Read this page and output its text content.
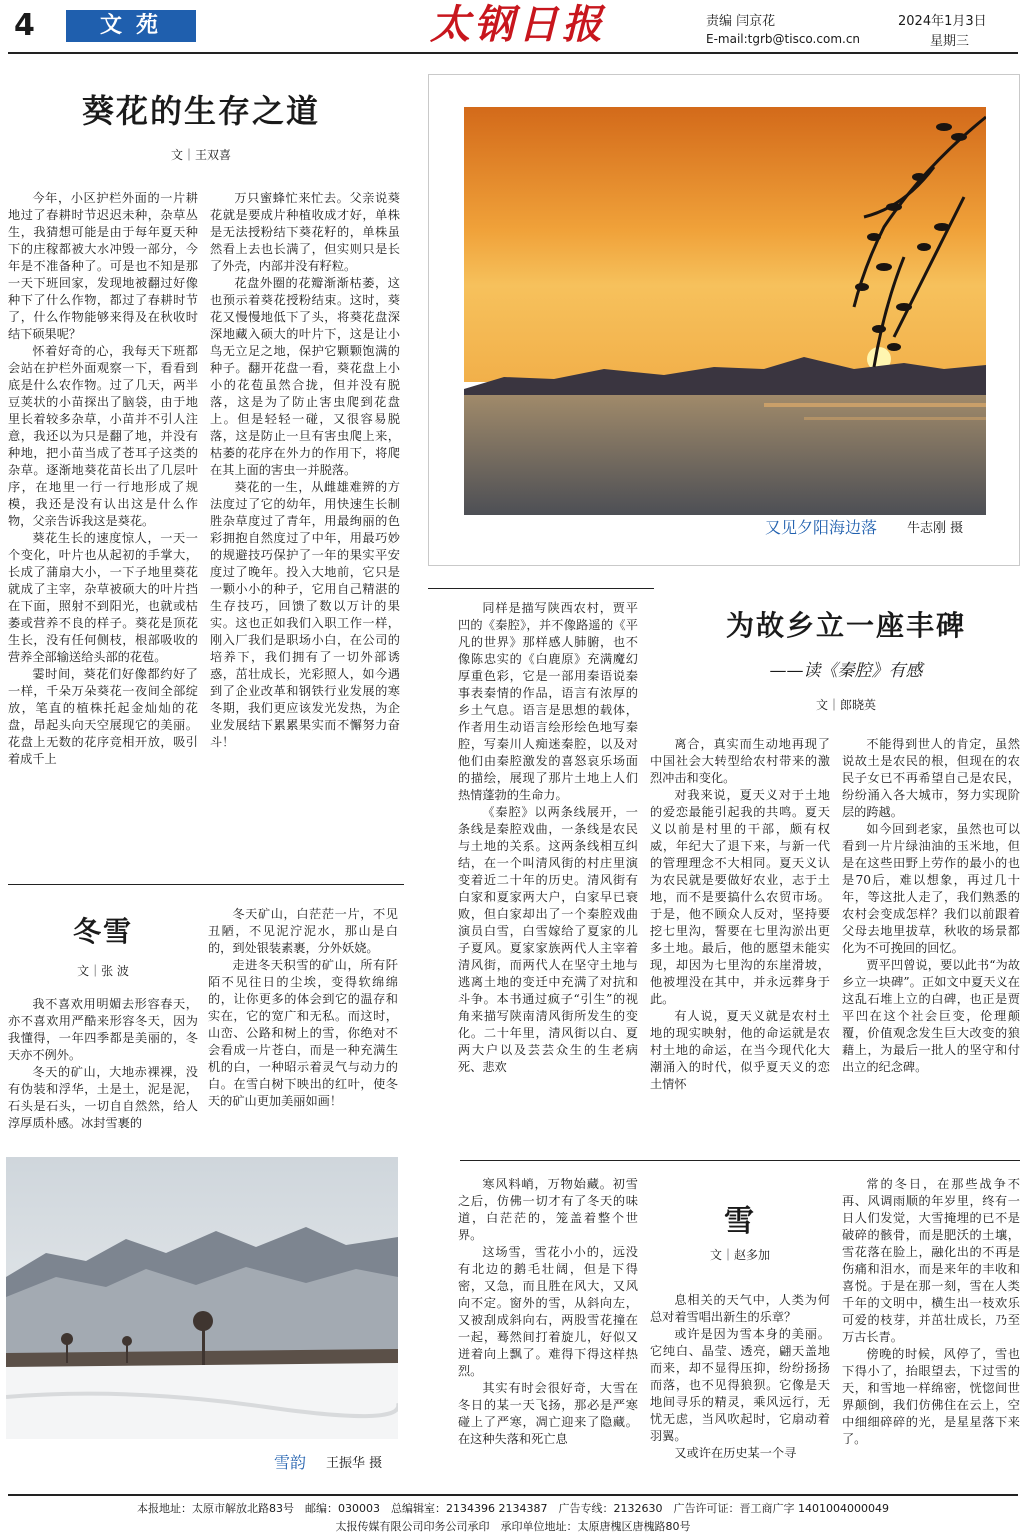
4	文苑	太钢日报	责编 闫京花
E-mail:tgrb@tisco.com.cn
2024年1月3日
星期三
葵花的生存之道
文｜王双喜

今年，小区护栏外面的一片耕地过了春耕时节迟迟未种，杂草丛生，我猜想可能是由于每年夏天种下的庄稼都被大水冲毁一部分，今年是不准备种了。可是也不知是那一天下班回家，发现地被翻过好像种下了什么作物，都过了春耕时节了，什么作物能够来得及在秋收时结下硕果呢？

怀着好奇的心，我每天下班都会站在护栏外面观察一下，看看到底是什么农作物。过了几天，两半豆荚状的小苗探出了脑袋，由于地里长着较多杂草，小苗并不引人注意，我还以为只是翻了地，并没有种地，把小苗当成了苍耳子这类的杂草。逐渐地葵花苗长出了几层叶序，在地里一行一行地形成了规模，我还是没有认出这是什么作物，父亲告诉我这是葵花。

葵花生长的速度惊人，一天一个变化，叶片也从起初的手掌大，长成了蒲扇大小，一下子地里葵花就成了主宰，杂草被硕大的叶片挡在下面，照射不到阳光，也就或枯萎或营养不良的样子。葵花是顶花生长，没有任何侧枝，根部吸收的营养全部输送给头部的花苞。

霎时间，葵花们好像都约好了一样，千朵万朵葵花一夜间全部绽放，笔直的植株托起金灿灿的花盘，昂起头向天空展现它的美丽。花盘上无数的花序竞相开放，吸引着成千上

万只蜜蜂忙来忙去。父亲说葵花就是要成片种植收成才好，单株是无法授粉结下葵花籽的，单株虽然看上去也长满了，但实则只是长了外壳，内部并没有籽粒。

花盘外圈的花瓣渐渐枯萎，这也预示着葵花授粉结束。这时，葵花又慢慢地低下了头，将葵花盘深深地藏入硕大的叶片下，这是让小鸟无立足之地，保护它颗颗饱满的种子。翻开花盘一看，葵花盘上小小的花苞虽然合拢，但并没有脱落，这是为了防止害虫爬到花盘上。但是轻轻一碰，又很容易脱落，这是防止一旦有害虫爬上来，枯萎的花序在外力的作用下，将爬在其上面的害虫一并脱落。

葵花的一生，从雌雄难辨的方法度过了它的幼年，用快速生长制胜杂草度过了青年，用最绚丽的色彩拥抱自然度过了中年，用最巧妙的规避技巧保护了一年的果实平安度过了晚年。投入大地前，它只是一颗小小的种子，它用自己精湛的生存技巧，回馈了数以万计的果实。这也正如我们入职工作一样，刚入厂我们是职场小白，在公司的培养下，我们拥有了一切外部诱惑，茁壮成长，光彩照人，如今遇到了企业改革和钢铁行业发展的寒冬期，我们更应该发光发热，为企业发展结下累累果实而不懈努力奋斗！

又见夕阳海边落 牛志刚 摄
冬雪
文｜张 波

我不喜欢用明媚去形容春天，亦不喜欢用严酷来形容冬天，因为我懂得，一年四季都是美丽的，冬天亦不例外。

冬天的矿山，大地赤裸裸，没有伪装和浮华，土是土，泥是泥，石头是石头，一切自自然然，给人淳厚质朴感。冰封雪裹的

冬天矿山，白茫茫一片，不见丑陋，不见泥泞泥水，那山是白的，到处银装素裹，分外妖娆。

走进冬天积雪的矿山，所有阡陌不见往日的尘埃，变得软绵绵的，让你更多的体会到它的温存和实在，它的宽广和无私。而这时，山峦、公路和树上的雪，你绝对不会看成一片苍白，而是一种充满生机的白，一种昭示着灵气与动力的白。在雪白树下映出的红叶，使冬天的矿山更加美丽如画！

雪韵 王振华 摄
为故乡立一座丰碑
——读《秦腔》有感
文｜郎晓英

同样是描写陕西农村，贾平凹的《秦腔》，并不像路遥的《平凡的世界》那样感人肺腑，也不像陈忠实的《白鹿原》充满魔幻厚重色彩，它是一部用秦语说秦事表秦情的作品，语言有浓厚的乡土气息。语言是思想的载体，作者用生动语言绘形绘色地写秦腔，写秦川人痴迷秦腔，以及对他们由秦腔激发的喜怒哀乐场面的描绘，展现了那片土地上人们热情蓬勃的生命力。

《秦腔》以两条线展开，一条线是秦腔戏曲，一条线是农民与土地的关系。这两条线相互纠结，在一个叫清风街的村庄里演变着近二十年的历史。清风街有白家和夏家两大户，白家早已衰败，但白家却出了一个秦腔戏曲演员白雪，白雪嫁给了夏家的儿子夏风。夏家家族两代人主宰着清风街，而两代人在坚守土地与逃离土地的变迁中充满了对抗和斗争。本书通过疯子“引生”的视角来描写陕南清风街所发生的变化。二十年里，清风街以白、夏两大户以及芸芸众生的生老病死、悲欢

离合，真实而生动地再现了中国社会大转型给农村带来的激烈冲击和变化。

对我来说，夏天义对于土地的爱恋最能引起我的共鸣。夏天义以前是村里的干部，颇有权威，年纪大了退下来，与新一代的管理理念不大相同。夏天义认为农民就是要做好农业，志于土地，而不是要搞什么农贸市场。于是，他不顾众人反对，坚持要挖七里沟，誓要在七里沟淤出更多土地。最后，他的愿望未能实现，却因为七里沟的东崖滑坡，他被埋没在其中，并永远葬身于此。

有人说，夏天义就是农村土地的现实映射，他的命运就是农村土地的命运，在当今现代化大潮涌入的时代，似乎夏天义的恋土情怀

不能得到世人的肯定，虽然说故土是农民的根，但现在的农民子女已不再希望自己是农民，纷纷涌入各大城市，努力实现阶层的跨越。

如今回到老家，虽然也可以看到一片片绿油油的玉米地，但是在这些田野上劳作的最小的也是70后，难以想象，再过几十年，等这批人走了，我们熟悉的农村会变成怎样？我们以前跟着父母去地里拔草，秋收的场景都化为不可挽回的回忆。

贾平凹曾说，要以此书“为故乡立一块碑”。正如文中夏天义在这乱石堆上立的白碑，也正是贾平凹在这个社会巨变，伦理颠覆，价值观念发生巨大改变的狼藉上，为最后一批人的坚守和付出立的纪念碑。

雪
文｜赵多加

寒风料峭，万物始藏。初雪之后，仿佛一切才有了冬天的味道，白茫茫的，笼盖着整个世界。

这场雪，雪花小小的，远没有北边的鹅毛壮阔，但是下得密，又急，而且胜在风大，又风向不定。窗外的雪，从斜向左，又被刮成斜向右，两股雪花撞在一起，蓦然间打着旋儿，好似又迸着向上飘了。难得下得这样热烈。

其实有时会很好奇，大雪在冬日的某一天飞扬，那必是严寒碰上了严寒，凋亡迎来了隐藏。在这种失落和死亡息

息相关的天气中，人类为何总对着雪唱出新生的乐章？

或许是因为雪本身的美丽。它纯白、晶莹、透亮，翩天盖地而来，却不显得压抑，纷纷扬扬而落，也不见得狼狈。它像是天地间寻乐的精灵，乘风远行，无忧无虑，当风吹起时，它扇动着羽翼。

又或许在历史某一个寻

常的冬日，在那些战争不再、风调雨顺的年岁里，终有一日人们发觉，大雪掩埋的已不是破碎的骸骨，而是肥沃的土壤，雪花落在脸上，融化出的不再是伤痛和泪水，而是来年的丰收和喜悦。于是在那一刻，雪在人类千年的文明中，横生出一枝欢乐可爱的枝芽，并茁壮成长，乃至万古长青。

傍晚的时候，风停了，雪也下得小了，抬眼望去，下过雪的天，和雪地一样绵密，恍惚间世界颠倒，我们仿佛住在云上，空中细细碎碎的光，是星星落下来了。

本报地址：太原市解放北路83号　邮编：030003　总编辑室：2134396 2134387　广告专线：2132630　广告许可证：晋工商广字 1401004000049
太报传媒有限公司印务公司承印　承印单位地址：太原唐槐区唐槐路80号
